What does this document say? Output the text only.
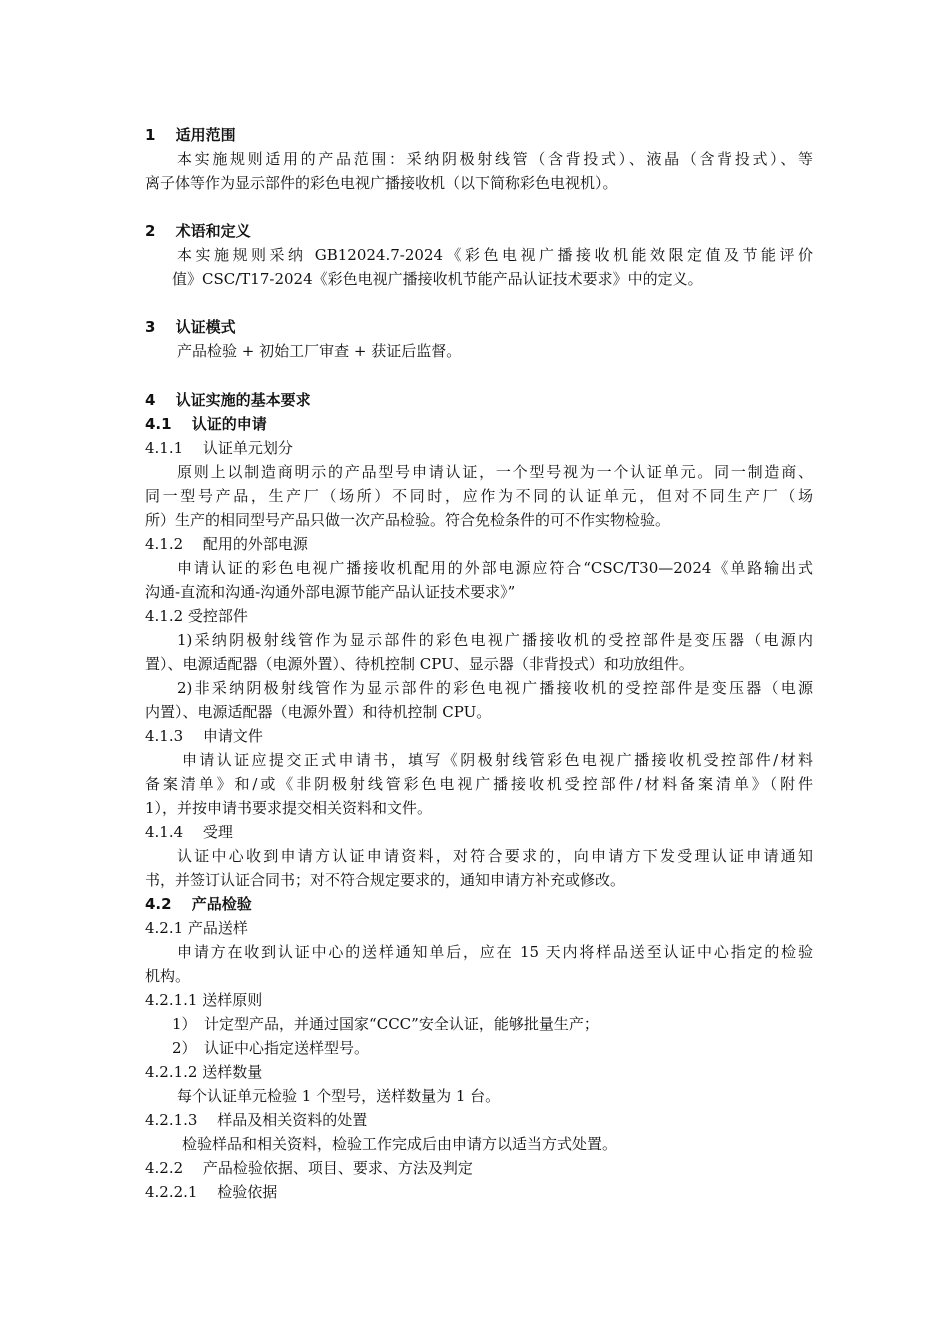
1　 适用范围
本实施规则适用的产品范围：采纳阴极射线管（含背投式）、液晶（含背投式）、等
离子体等作为显示部件的彩色电视广播接收机（以下简称彩色电视机）。
2　 术语和定义
本实施规则采纳 GB12024.7-2024《彩色电视广播接收机能效限定值及节能评价
值》CSC/T17-2024《彩色电视广播接收机节能产品认证技术要求》中的定义。
3　 认证模式
产品检验 + 初始工厂审查 + 获证后监督。
4　 认证实施的基本要求
4.1　 认证的申请
4.1.1　 认证单元划分
原则上以制造商明示的产品型号申请认证，一个型号视为一个认证单元。同一制造商、
同一型号产品，生产厂（场所）不同时，应作为不同的认证单元，但对不同生产厂（场
所）生产的相同型号产品只做一次产品检验。符合免检条件的可不作实物检验。
4.1.2　 配用的外部电源
申请认证的彩色电视广播接收机配用的外部电源应符合“CSC/T30—2024《单路输出式
沟通-直流和沟通-沟通外部电源节能产品认证技术要求》”
4.1.2 受控部件
1)采纳阴极射线管作为显示部件的彩色电视广播接收机的受控部件是变压器（电源内
置）、电源适配器（电源外置）、待机控制 CPU、显示器（非背投式）和功放组件。
2)非采纳阴极射线管作为显示部件的彩色电视广播接收机的受控部件是变压器（电源
内置）、电源适配器（电源外置）和待机控制 CPU。
4.1.3　 申请文件
申请认证应提交正式申请书，填写《阴极射线管彩色电视广播接收机受控部件/材料
备案清单》和/或《非阴极射线管彩色电视广播接收机受控部件/材料备案清单》（附件
1），并按申请书要求提交相关资料和文件。
4.1.4　 受理
认证中心收到申请方认证申请资料，对符合要求的，向申请方下发受理认证申请通知
书，并签订认证合同书；对不符合规定要求的，通知申请方补充或修改。
4.2　 产品检验
4.2.1 产品送样
申请方在收到认证中心的送样通知单后，应在 15 天内将样品送至认证中心指定的检验
机构。
4.2.1.1 送样原则
1）　计定型产品，并通过国家“CCC”安全认证，能够批量生产；
2）　认证中心指定送样型号。
4.2.1.2 送样数量
每个认证单元检验 1 个型号，送样数量为 1 台。
4.2.1.3　 样品及相关资料的处置
检验样品和相关资料，检验工作完成后由申请方以适当方式处置。
4.2.2　 产品检验依据、项目、要求、方法及判定
4.2.2.1　 检验依据
